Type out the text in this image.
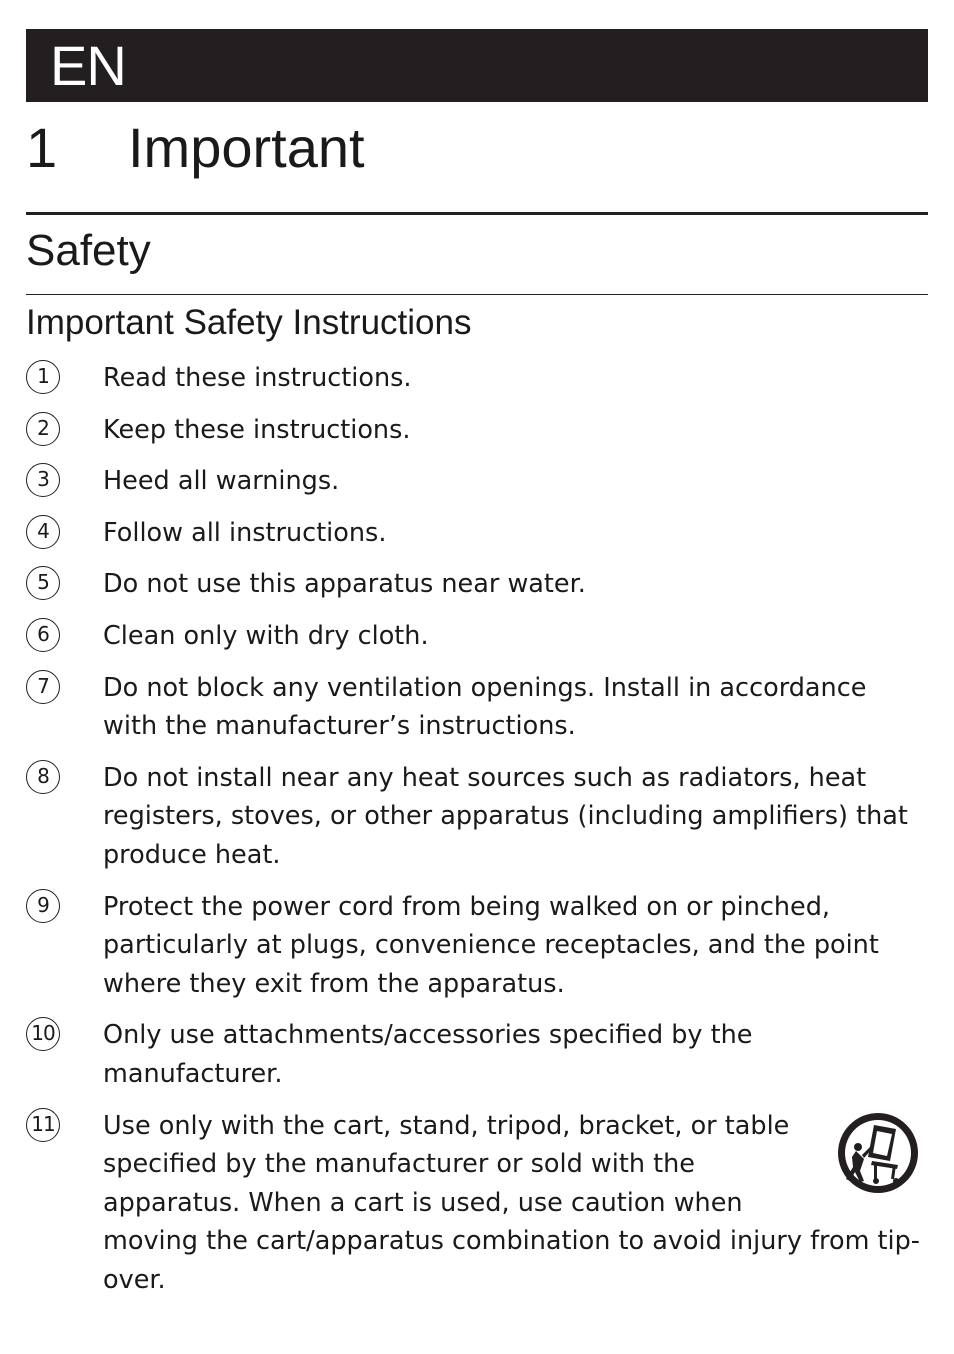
EN
1 Important
Safety
Important Safety Instructions
1	Read these instructions.
2	Keep these instructions.
3	Heed all warnings.
4	Follow all instructions.
5	Do not use this apparatus near water.
6	Clean only with dry cloth.
7	Do not block any ventilation openings. Install in accordance with the manufacturer’s instructions.
8	Do not install near any heat sources such as radiators, heat registers, stoves, or other apparatus (including amplifiers) that produce heat.
9	Protect the power cord from being walked on or pinched, particularly at plugs, convenience receptacles, and the point where they exit from the apparatus.
10 Only use attachments/accessories specified by the manufacturer.
11 Use only with the cart, stand, tripod, bracket, or table specified by the manufacturer or sold with the apparatus. When a cart is used, use caution when moving the cart/apparatus combination to avoid injury from tip-over.
